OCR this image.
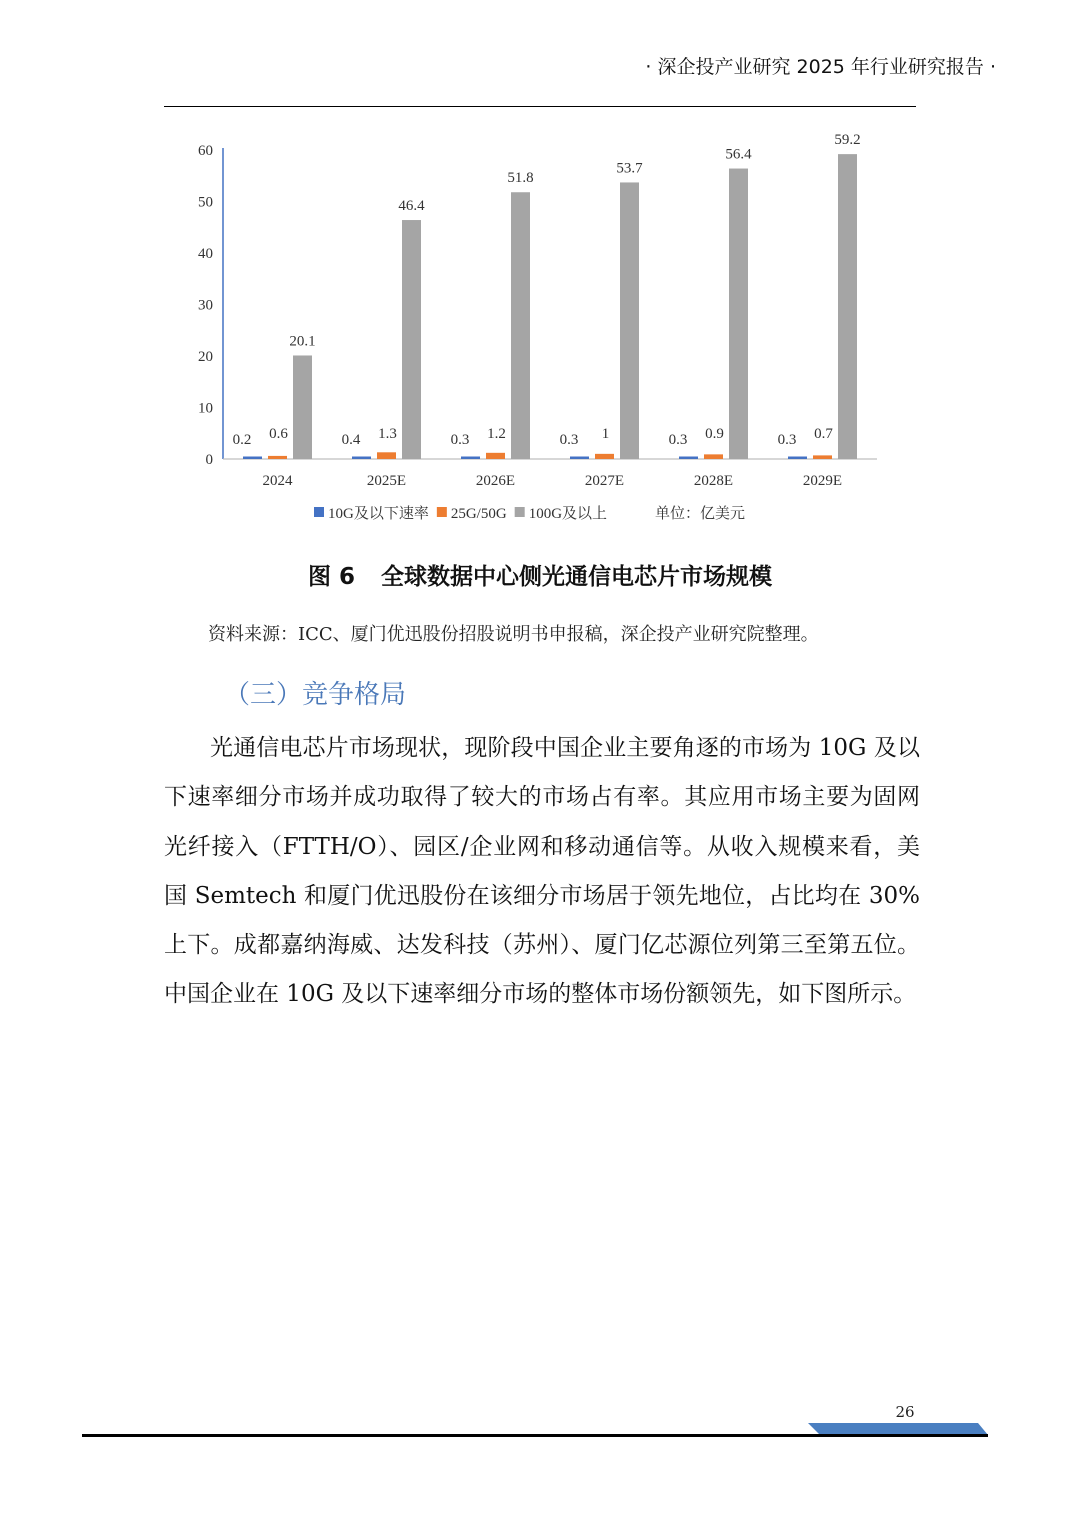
· 深企投产业研究 2025 年行业研究报告 ·
0
10
20
30
40
50
60
2024	2025E	2026E	2027E	2028E	2029E
0.2 0.6
20.1
0.4 1.3
46.4
0.3 1.2
51.8
0.3 1
53.7
0.3 0.9
56.4
0.3 0.7
59.2
10G及以下速率 25G/50G 100G及以上	单位：亿美元
图 6 全球数据中心侧光通信电芯片市场规模
资料来源：ICC、厦门优迅股份招股说明书申报稿，深企投产业研究院整理。
（三）竞争格局
光通信电芯片市场现状，现阶段中国企业主要角逐的市场为 10G 及以下速率细分市场并成功取得了较大的市场占有率。其应用市场主要为固网光纤接入（FTTH/O）、园区/企业网和移动通信等。从收入规模来看，美国 Semtech 和厦门优迅股份在该细分市场居于领先地位，占比均在 30%上下。成都嘉纳海威、达发科技（苏州）、厦门亿芯源位列第三至第五位。中国企业在 10G 及以下速率细分市场的整体市场份额领先，如下图所示。
26
